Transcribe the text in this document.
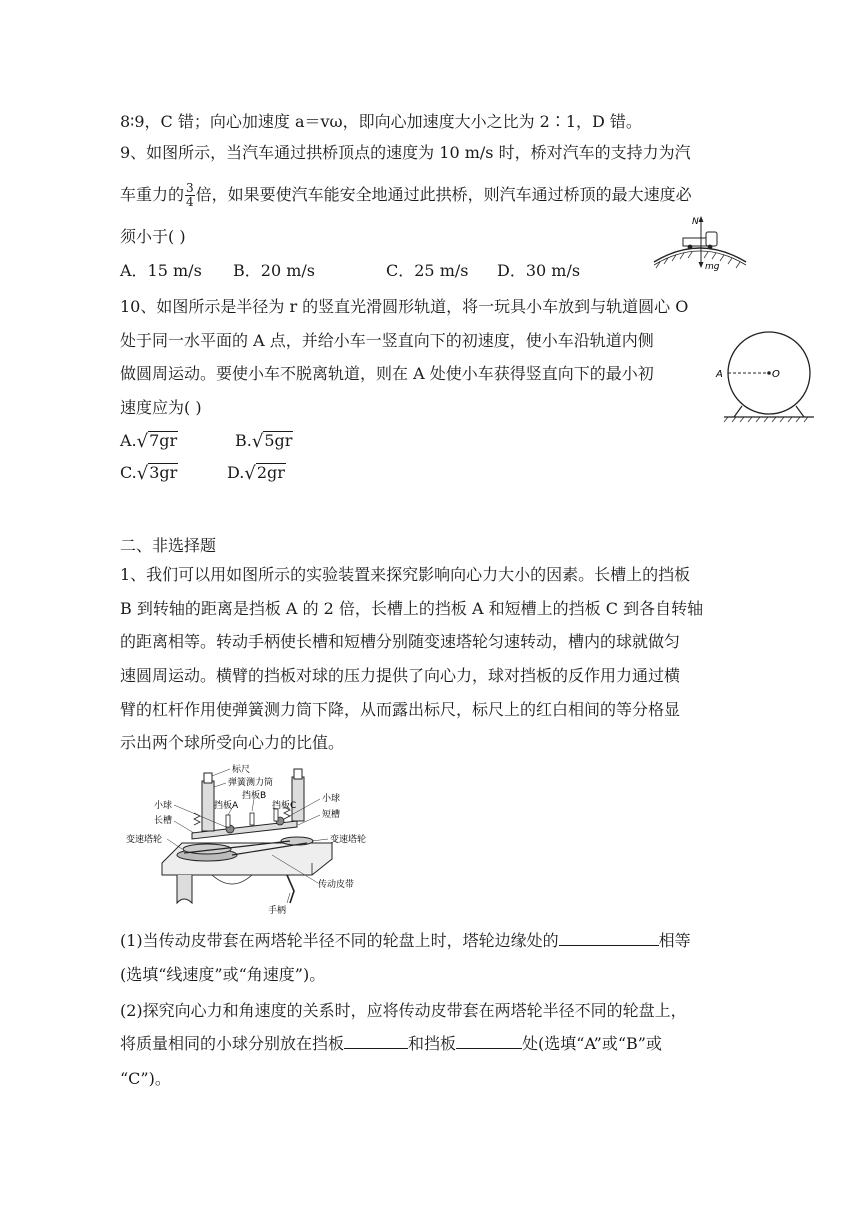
8∶9，C 错；向心加速度 a＝vω，即向心加速度大小之比为 2∶1，D 错。
9、如图所示，当汽车通过拱桥顶点的速度为 10 m/s 时，桥对汽车的支持力为汽
车重力的 $\frac{3}{4}$ 倍，如果要使汽车能安全地通过此拱桥，则汽车通过桥顶的最大速度必
须小于( )
A．15 m/s B．20 m/s	C．25 m/s D．30 m/s
N
mg
10、如图所示是半径为 r 的竖直光滑圆形轨道，将一玩具小车放到与轨道圆心 O
处于同一水平面的 A 点，并给小车一竖直向下的初速度，使小车沿轨道内侧
做圆周运动。要使小车不脱离轨道，则在 A 处使小车获得竖直向下的最小初
速度应为( )
A.√7gr	B.√5gr
C.√3gr	D.√2gr
A	O
二、非选择题
1、我们可以用如图所示的实验装置来探究影响向心力大小的因素。长槽上的挡板
B 到转轴的距离是挡板 A 的 2 倍，长槽上的挡板 A 和短槽上的挡板 C 到各自转轴
的距离相等。转动手柄使长槽和短槽分别随变速塔轮匀速转动，槽内的球就做匀
速圆周运动。横臂的挡板对球的压力提供了向心力，球对挡板的反作用力通过横
臂的杠杆作用使弹簧测力筒下降，从而露出标尺，标尺上的红白相间的等分格显
示出两个球所受向心力的比值。
标尺
弹簧测力筒
挡板B
挡板A	挡板C
小球
小球
长槽
短槽
变速塔轮	变速塔轮
传动皮带
手柄
(1)当传动皮带套在两塔轮半径不同的轮盘上时，塔轮边缘处的	相等
(选填“线速度”或“角速度”)。
(2)探究向心力和角速度的关系时，应将传动皮带套在两塔轮半径不同的轮盘上，
将质量相同的小球分别放在挡板	和挡板	处(选填“A”或“B”或
“C”)。
